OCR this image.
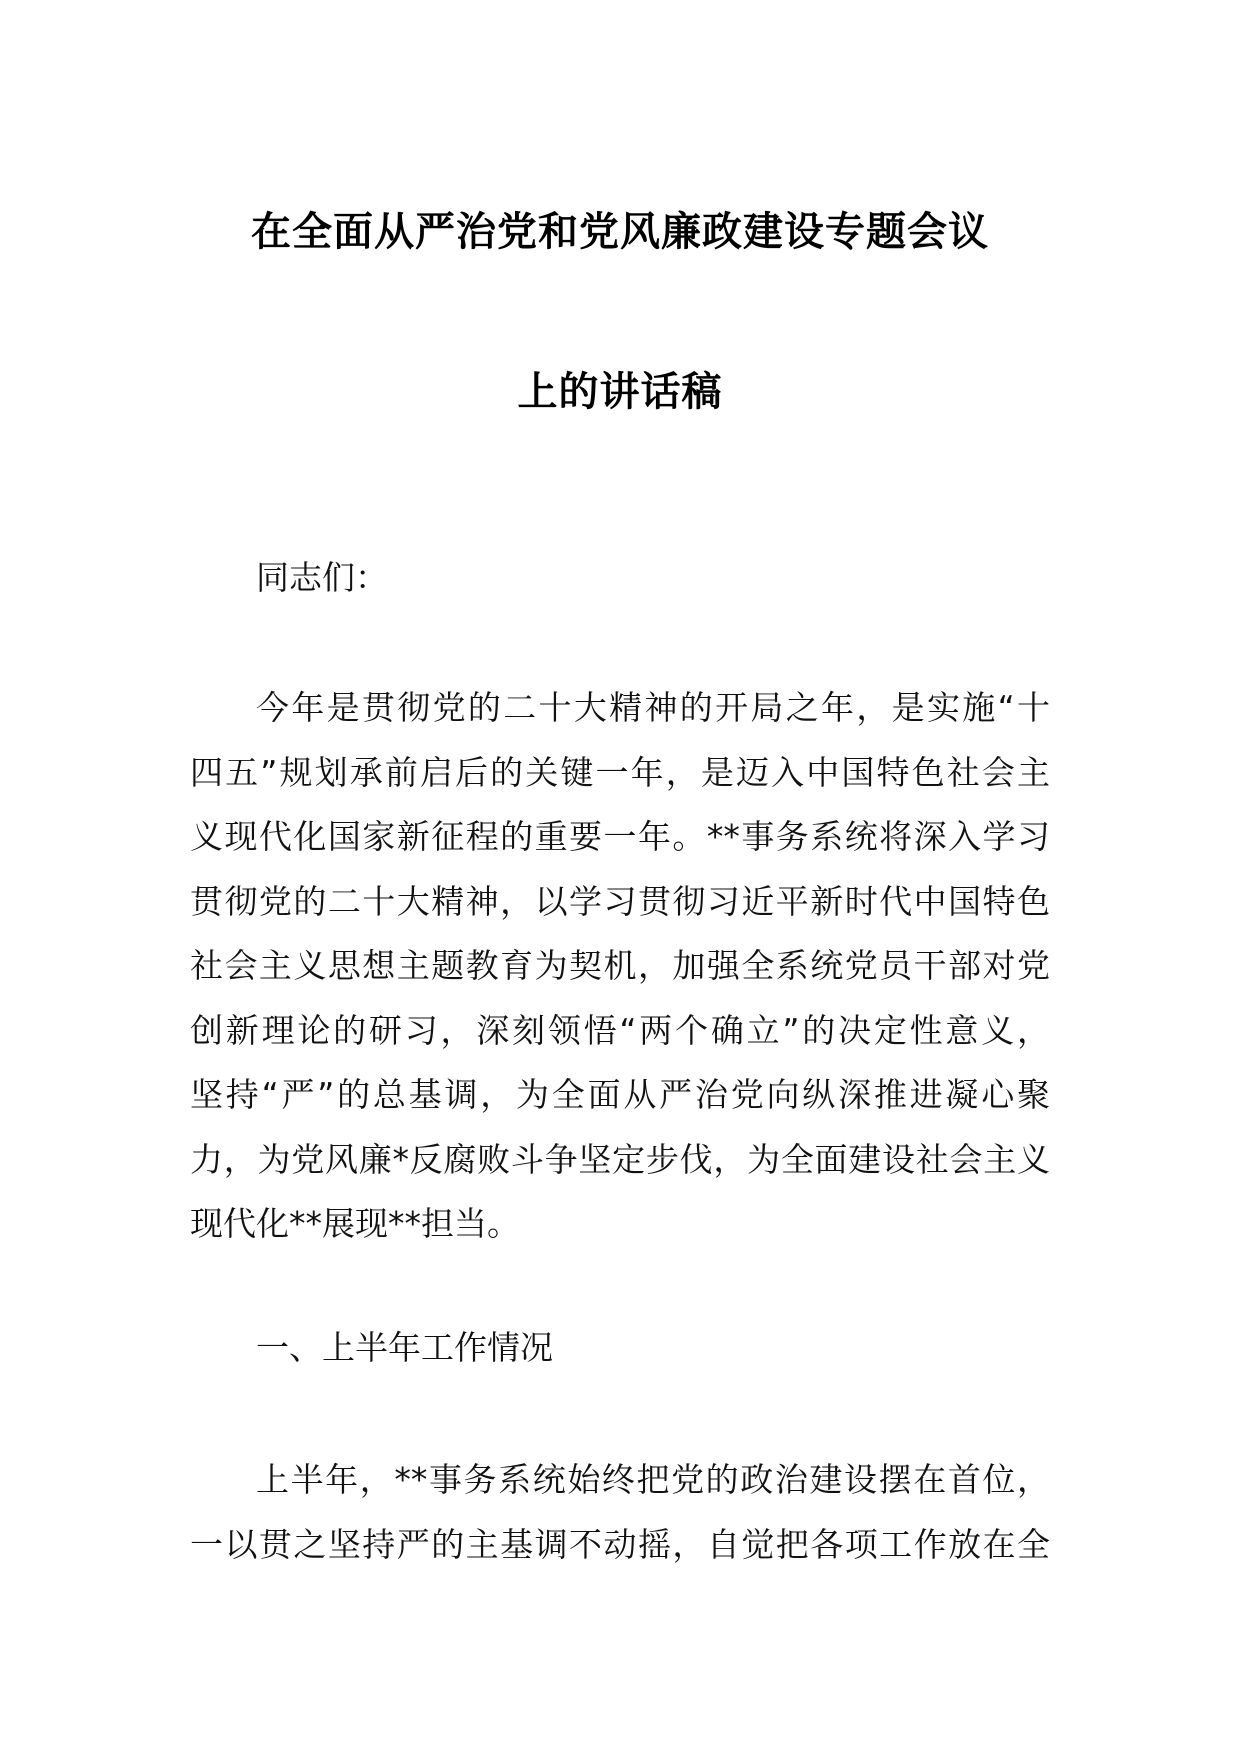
在全面从严治党和党风廉政建设专题会议
上的讲话稿
同志们：
今年是贯彻党的二十大精神的开局之年，是实施“十
四五”规划承前启后的关键一年，是迈入中国特色社会主
义现代化国家新征程的重要一年。**事务系统将深入学习
贯彻党的二十大精神，以学习贯彻习近平新时代中国特色
社会主义思想主题教育为契机，加强全系统党员干部对党
创新理论的研习，深刻领悟“两个确立”的决定性意义，
坚持“严”的总基调，为全面从严治党向纵深推进凝心聚
力，为党风廉*反腐败斗争坚定步伐，为全面建设社会主义
现代化**展现**担当。
一、上半年工作情况
上半年，**事务系统始终把党的政治建设摆在首位，
一以贯之坚持严的主基调不动摇，自觉把各项工作放在全
